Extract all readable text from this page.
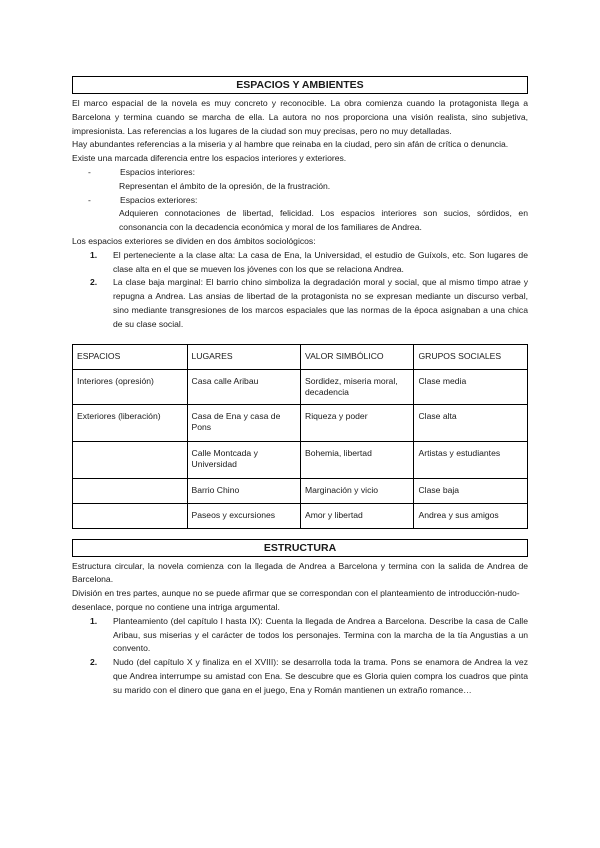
ESPACIOS Y AMBIENTES

El marco espacial de la novela es muy concreto y reconocible. La obra comienza cuando la protagonista llega a Barcelona y termina cuando se marcha de ella. La autora no nos proporciona una visión realista, sino subjetiva, impresionista. Las referencias a los lugares de la ciudad son muy precisas, pero no muy detalladas.

Hay abundantes referencias a la miseria y al hambre que reinaba en la ciudad, pero sin afán de crítica o denuncia.

Existe una marcada diferencia entre los espacios interiores y exteriores.

-	Espacios interiores:

Representan el ámbito de la opresión, de la frustración.

-	Espacios exteriores:

Adquieren connotaciones de libertad, felicidad. Los espacios interiores son sucios, sórdidos, en consonancia con la decadencia económica y moral de los familiares de Andrea.

Los espacios exteriores se dividen en dos ámbitos sociológicos:

1.	El perteneciente a la clase alta: La casa de Ena, la Universidad, el estudio de Guíxols, etc. Son lugares de clase alta en el que se mueven los jóvenes con los que se relaciona Andrea.
2.	La clase baja marginal: El barrio chino simboliza la degradación moral y social, que al mismo timpo atrae y repugna a Andrea. Las ansias de libertad de la protagonista no se expresan mediante un discurso verbal, sino mediante transgresiones de los marcos espaciales que las normas de la época asignaban a una chica de su clase social.
ESPACIOS	LUGARES	VALOR SIMBÓLICO	GRUPOS SOCIALES
Interiores (opresión)	Casa calle Aribau	Sordidez, miseria moral, decadencia	Clase media
Exteriores (liberación)	Casa de Ena y casa de Pons	Riqueza y poder	Clase alta
	Calle Montcada y Universidad	Bohemia, libertad	Artistas y estudiantes
	Barrio Chino	Marginación y vicio	Clase baja
	Paseos y excursiones	Amor y libertad	Andrea y sus amigos
ESTRUCTURA

Estructura circular, la novela comienza con la llegada de Andrea a Barcelona y termina con la salida de Andrea de Barcelona.

División en tres partes, aunque no se puede afirmar que se correspondan con el planteamiento de introducción-nudo-desenlace, porque no contiene una intriga argumental.

1.	Planteamiento (del capítulo I hasta IX): Cuenta la llegada de Andrea a Barcelona. Describe la casa de Calle Aribau, sus miserias y el carácter de todos los personajes. Termina con la marcha de la tía Angustias a un convento.
2.	Nudo (del capítulo X y finaliza en el XVIII): se desarrolla toda la trama. Pons se enamora de Andrea la vez que Andrea interrumpe su amistad con Ena. Se descubre que es Gloria quien compra los cuadros que pinta su marido con el dinero que gana en el juego, Ena y Román mantienen un extraño romance…
